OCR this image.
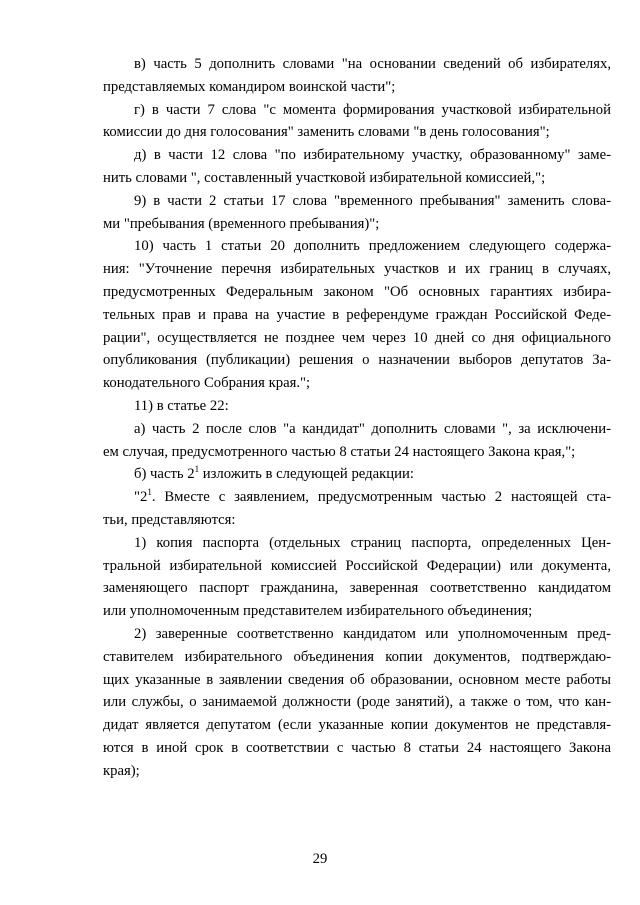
в) часть 5 дополнить словами "на основании сведений об избирателях,
представляемых командиром воинской части";
г) в части 7 слова "с момента формирования участковой избирательной
комиссии до дня голосования" заменить словами "в день голосования";
д) в части 12 слова "по избирательному участку, образованному" заме-
нить словами ", составленный участковой избирательной комиссией,";
9) в части 2 статьи 17 слова "временного пребывания" заменить слова-
ми "пребывания (временного пребывания)";
10) часть 1 статьи 20 дополнить предложением следующего содержа-
ния: "Уточнение перечня избирательных участков и их границ в случаях,
предусмотренных Федеральным законом "Об основных гарантиях избира-
тельных прав и права на участие в референдуме граждан Российской Феде-
рации", осуществляется не позднее чем через 10 дней со дня официального
опубликования (публикации) решения о назначении выборов депутатов За-
конодательного Собрания края.";
11) в статье 22:
а) часть 2 после слов "а кандидат" дополнить словами ", за исключени-
ем случая, предусмотренного частью 8 статьи 24 настоящего Закона края,";
б) часть $2^1$ изложить в следующей редакции:
"$2^1$. Вместе с заявлением, предусмотренным частью 2 настоящей ста-
тьи, представляются:
1) копия паспорта (отдельных страниц паспорта, определенных Цен-
тральной избирательной комиссией Российской Федерации) или документа,
заменяющего паспорт гражданина, заверенная соответственно кандидатом
или уполномоченным представителем избирательного объединения;
2) заверенные соответственно кандидатом или уполномоченным пред-
ставителем избирательного объединения копии документов, подтверждаю-
щих указанные в заявлении сведения об образовании, основном месте работы
или службы, о занимаемой должности (роде занятий), а также о том, что кан-
дидат является депутатом (если указанные копии документов не представля-
ются в иной срок в соответствии с частью 8 статьи 24 настоящего Закона
края);

29
